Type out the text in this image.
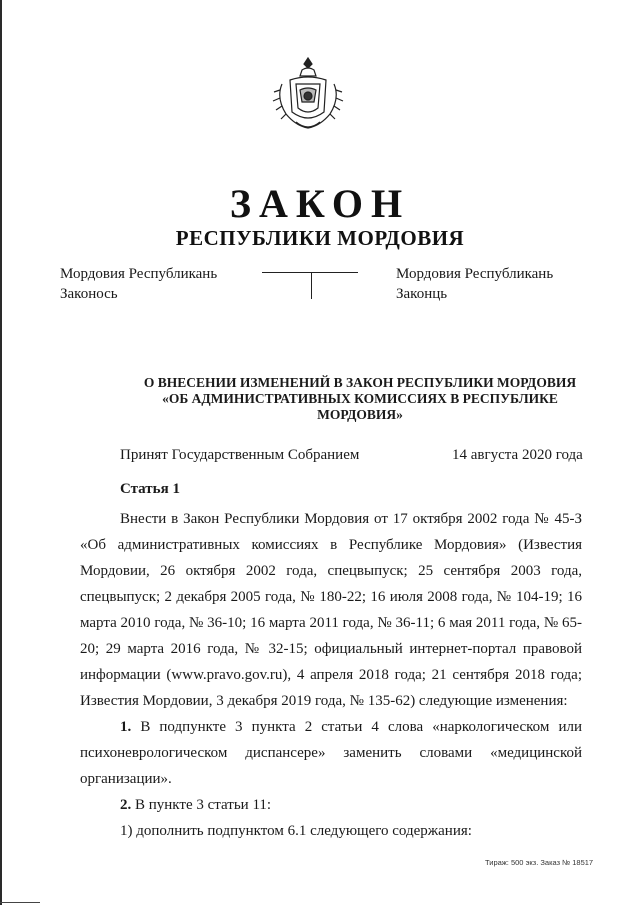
ЗАКОН
РЕСПУБЛИКИ МОРДОВИЯ
Мордовия Республикань
Законось
Мордовия Республикань
Законць
О ВНЕСЕНИИ ИЗМЕНЕНИЙ В ЗАКОН РЕСПУБЛИКИ МОРДОВИЯ
«ОБ АДМИНИСТРАТИВНЫХ КОМИССИЯХ В РЕСПУБЛИКЕ
МОРДОВИЯ»
Принят Государственным Собранием	14 августа 2020 года
Статья 1
Внести в Закон Республики Мордовия от 17 октября 2002 года № 45-З
«Об административных комиссиях в Республике Мордовия» (Известия
Мордовии, 26 октября 2002 года, спецвыпуск; 25 сентября 2003 года,
спецвыпуск; 2 декабря 2005 года, № 180-22; 16 июля 2008 года, № 104-19; 16
марта 2010 года, № 36-10; 16 марта 2011 года, № 36-11; 6 мая 2011 года, № 65-
20; 29 марта 2016 года, № 32-15; официальный интернет-портал правовой
информации (www.pravo.gov.ru), 4 апреля 2018 года; 21 сентября 2018 года;
Известия Мордовии, 3 декабря 2019 года, № 135-62) следующие изменения:
1. В подпункте 3 пункта 2 статьи 4 слова «наркологическом или
психоневрологическом диспансере» заменить словами «медицинской
организации».
2. В пункте 3 статьи 11:
1) дополнить подпунктом 6.1 следующего содержания:
Тираж: 500 экз. Заказ № 18517
